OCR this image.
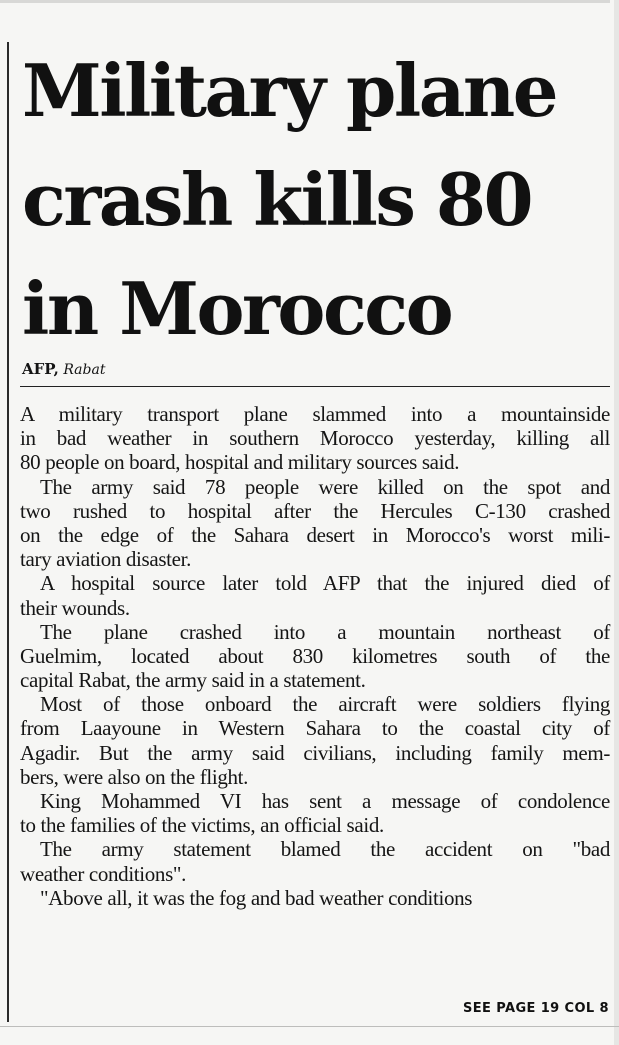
Military plane
crash kills 80
in Morocco
AFP, Rabat
A military transport plane slammed into a mountainside
in bad weather in southern Morocco yesterday, killing all
80 people on board, hospital and military sources said.
The army said 78 people were killed on the spot and
two rushed to hospital after the Hercules C-130 crashed
on the edge of the Sahara desert in Morocco's worst mili-
tary aviation disaster.
A hospital source later told AFP that the injured died of
their wounds.
The plane crashed into a mountain northeast of
Guelmim, located about 830 kilometres south of the
capital Rabat, the army said in a statement.
Most of those onboard the aircraft were soldiers flying
from Laayoune in Western Sahara to the coastal city of
Agadir. But the army said civilians, including family mem-
bers, were also on the flight.
King Mohammed VI has sent a message of condolence
to the families of the victims, an official said.
The army statement blamed the accident on "bad
weather conditions".
"Above all, it was the fog and bad weather conditions
SEE PAGE 19 COL 8
